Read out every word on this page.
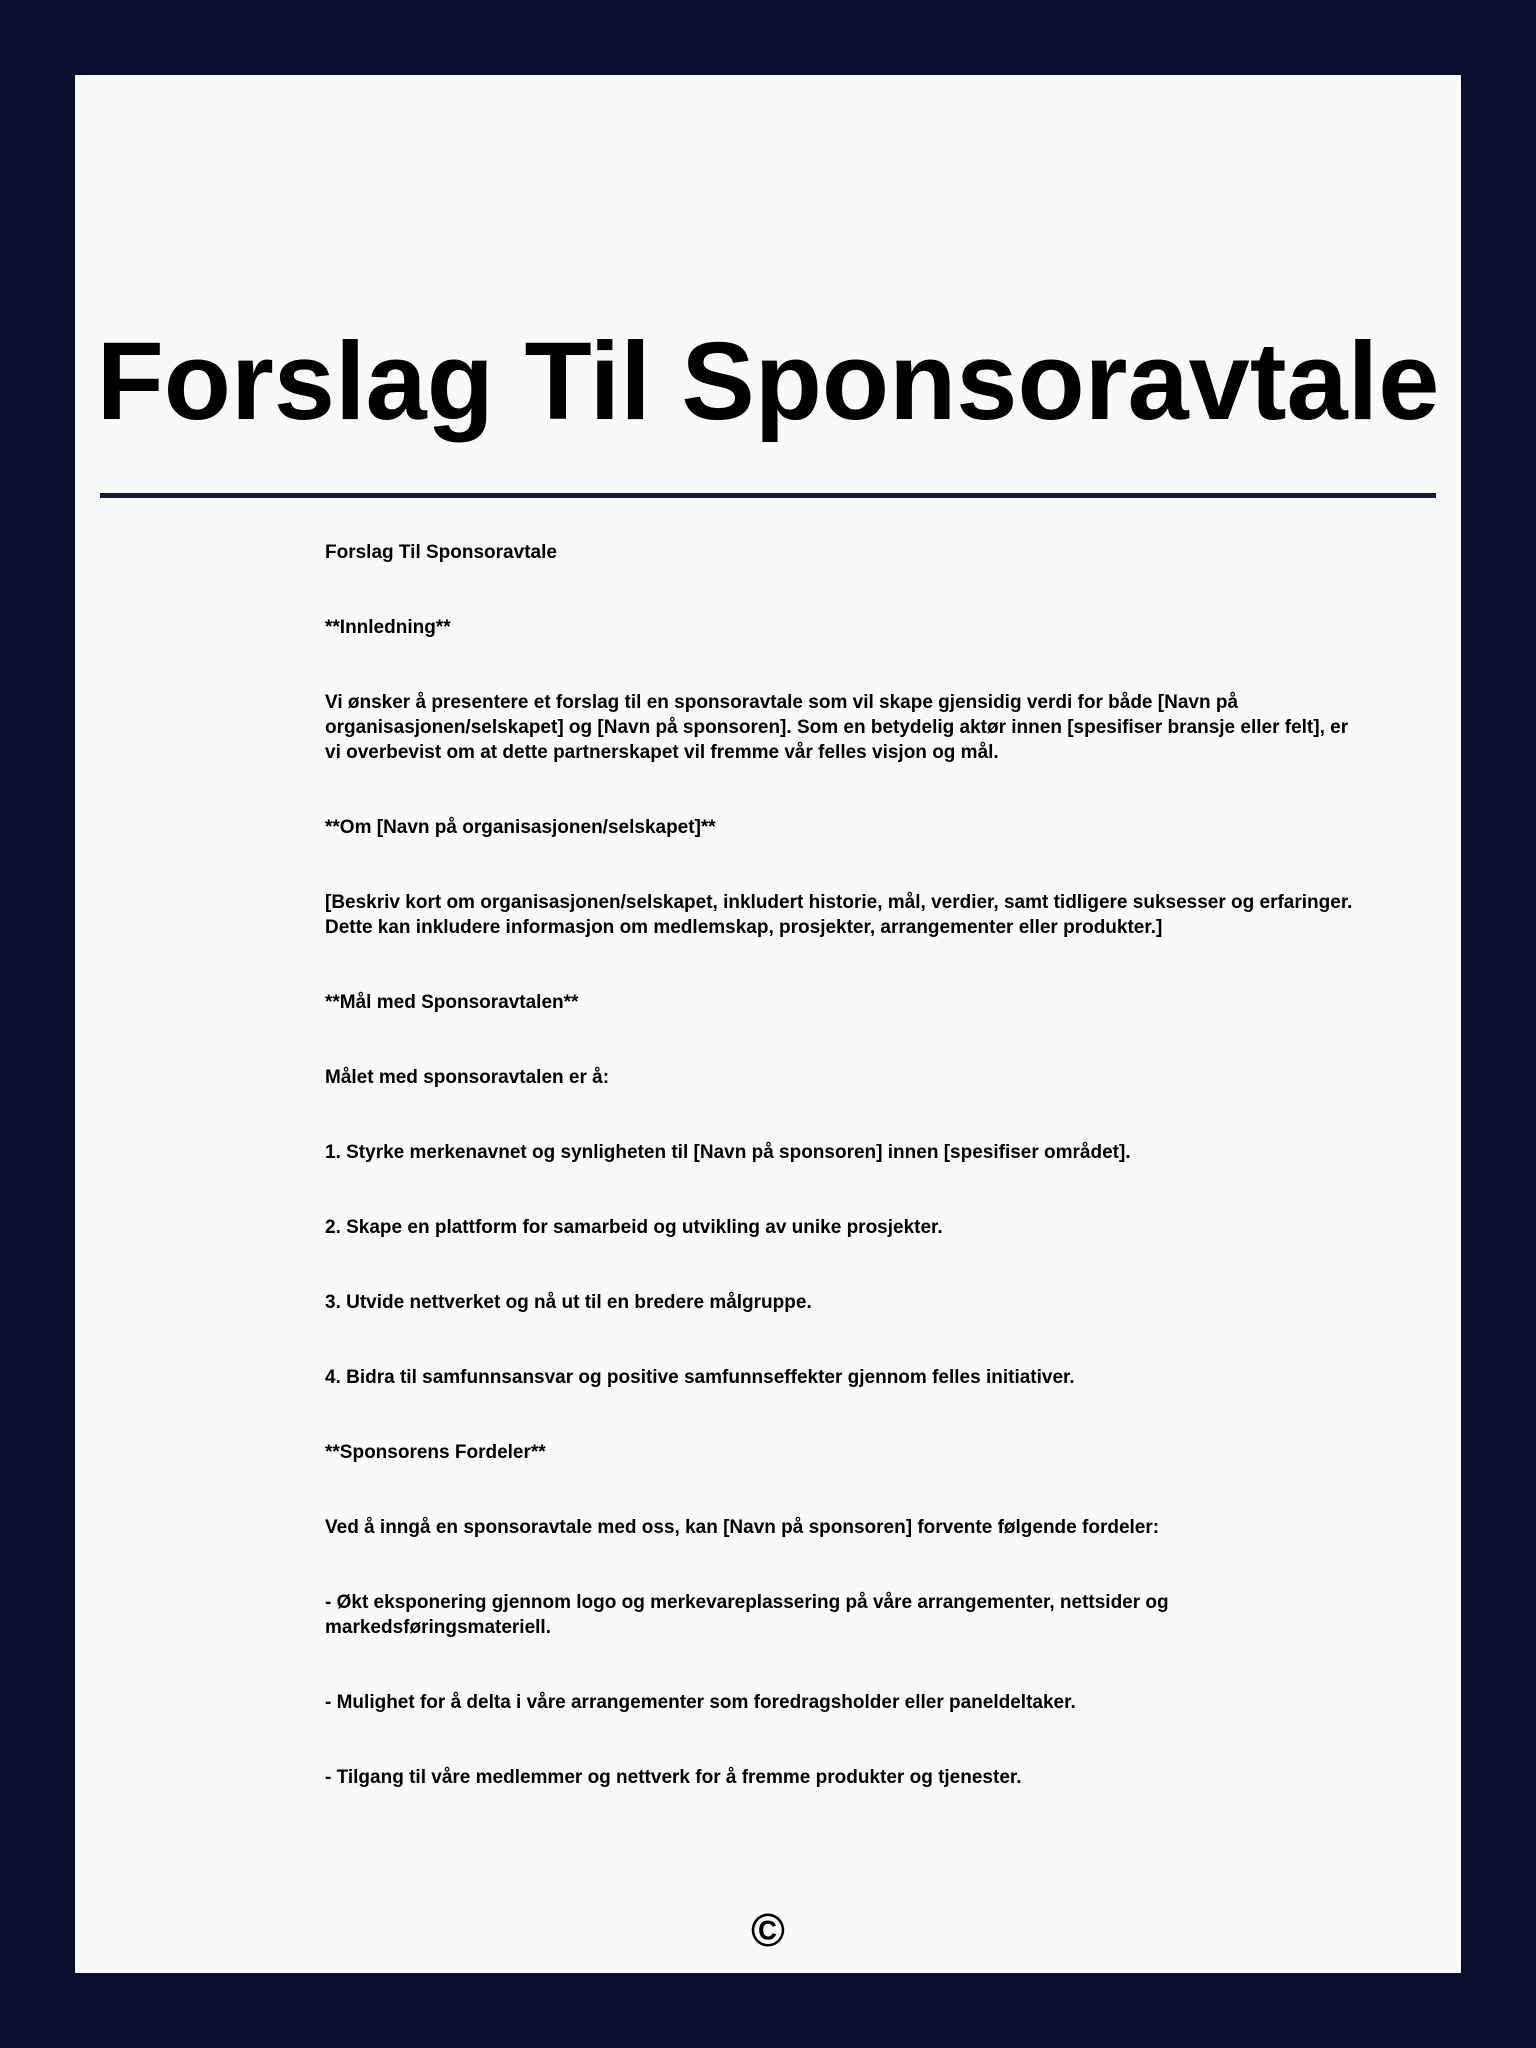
Forslag Til Sponsoravtale

Forslag Til Sponsoravtale

**Innledning**

Vi ønsker å presentere et forslag til en sponsoravtale som vil skape gjensidig verdi for både [Navn på organisasjonen/selskapet] og [Navn på sponsoren]. Som en betydelig aktør innen [spesifiser bransje eller felt], er vi overbevist om at dette partnerskapet vil fremme vår felles visjon og mål.

**Om [Navn på organisasjonen/selskapet]**

[Beskriv kort om organisasjonen/selskapet, inkludert historie, mål, verdier, samt tidligere suksesser og erfaringer. Dette kan inkludere informasjon om medlemskap, prosjekter, arrangementer eller produkter.]

**Mål med Sponsoravtalen**

Målet med sponsoravtalen er å:

1. Styrke merkenavnet og synligheten til [Navn på sponsoren] innen [spesifiser området].

2. Skape en plattform for samarbeid og utvikling av unike prosjekter.

3. Utvide nettverket og nå ut til en bredere målgruppe.

4. Bidra til samfunnsansvar og positive samfunnseffekter gjennom felles initiativer.

**Sponsorens Fordeler**

Ved å inngå en sponsoravtale med oss, kan [Navn på sponsoren] forvente følgende fordeler:

- Økt eksponering gjennom logo og merkevareplassering på våre arrangementer, nettsider og markedsføringsmateriell.

- Mulighet for å delta i våre arrangementer som foredragsholder eller paneldeltaker.

- Tilgang til våre medlemmer og nettverk for å fremme produkter og tjenester.

©
